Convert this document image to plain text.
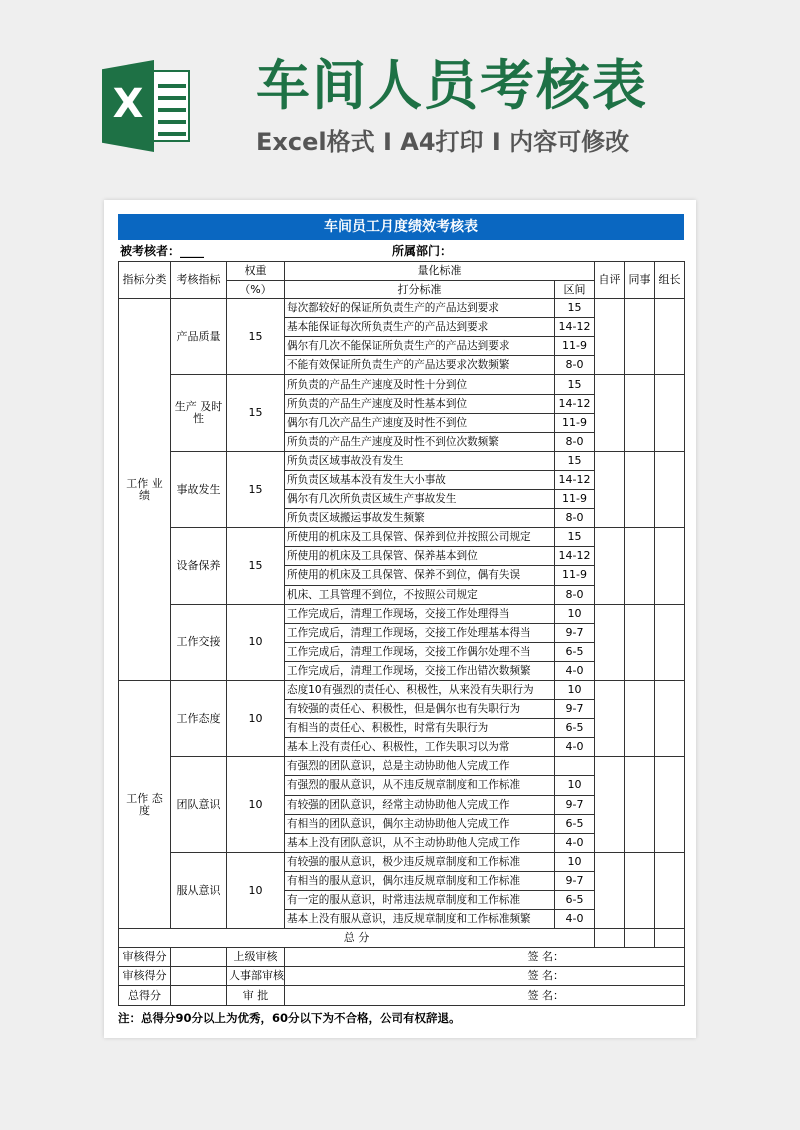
X 车间人员考核表
Excel格式 I A4打印 I 内容可修改
车间员工月度绩效考核表
被考核者：____	所属部门：
指标分类	考核指标	权重	量化标准		自评	同事	组长
		（%）	打分标准	区间			
工作 业绩	产品质量	15	每次都较好的保证所负责生产的产品达到要求	15			
			基本能保证每次所负责生产的产品达到要求	14-12			
			偶尔有几次不能保证所负责生产的产品达到要求	11-9			
			不能有效保证所负责生产的产品达要求次数频繁	8-0			
	生产 及时性	15	所负责的产品生产速度及时性十分到位	15			
			所负责的产品生产速度及时性基本到位	14-12			
			偶尔有几次产品生产速度及时性不到位	11-9			
			所负责的产品生产速度及时性不到位次数频繁	8-0			
	事故发生	15	所负责区域事故没有发生	15			
			所负责区域基本没有发生大小事故	14-12			
			偶尔有几次所负责区域生产事故发生	11-9			
			所负责区域搬运事故发生频繁	8-0			
	设备保养	15	所使用的机床及工具保管、保养到位并按照公司规定	15			
			所使用的机床及工具保管、保养基本到位	14-12			
			所使用的机床及工具保管、保养不到位，偶有失误	11-9			
			机床、工具管理不到位，不按照公司规定	8-0			
	工作交接	10	工作完成后，清理工作现场，交接工作处理得当	10			
			工作完成后，清理工作现场，交接工作处理基本得当	9-7			
			工作完成后，清理工作现场，交接工作偶尔处理不当	6-5			
			工作完成后，清理工作现场，交接工作出错次数频繁	4-0			
工作 态度	工作态度	10	态度10有强烈的责任心、积极性，从来没有失职行为	10			
			有较强的责任心、积极性，但是偶尔也有失职行为	9-7			
			有相当的责任心、积极性，时常有失职行为	6-5			
			基本上没有责任心、积极性，工作失职习以为常	4-0			
	团队意识	10	有强烈的团队意识，总是主动协助他人完成工作				
			有强烈的服从意识，从不违反规章制度和工作标准	10			
			有较强的团队意识，经常主动协助他人完成工作	9-7			
			有相当的团队意识，偶尔主动协助他人完成工作	6-5			
			基本上没有团队意识，从不主动协助他人完成工作	4-0			
	服从意识	10	有较强的服从意识，极少违反规章制度和工作标准	10			
			有相当的服从意识，偶尔违反规章制度和工作标准	9-7			
			有一定的服从意识，时常违法规章制度和工作标准	6-5			
			基本上没有服从意识，违反规章制度和工作标准频繁	4-0			
总 分							
审核得分		上级审核	签 名：				
审核得分		人事部审核	签 名：				
总得分		审 批	签 名：				
注：总得分90分以上为优秀，60分以下为不合格，公司有权辞退。
